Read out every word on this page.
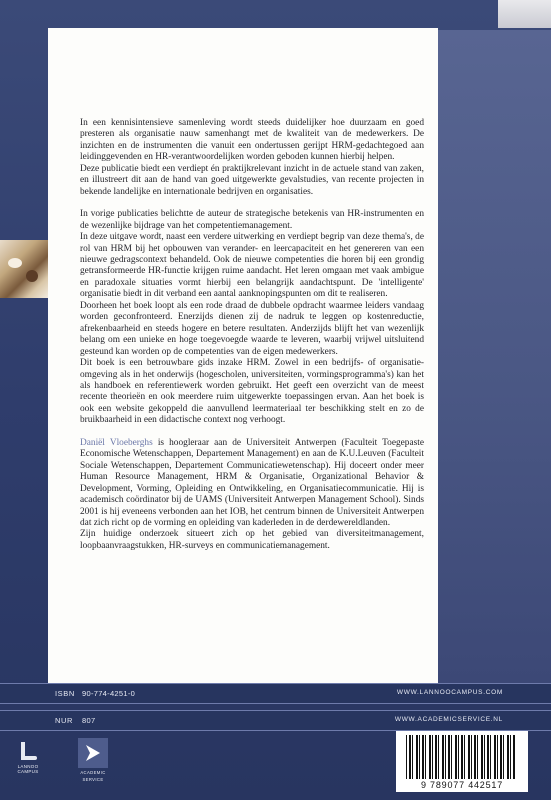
In een kennisintensieve samenleving wordt steeds duidelijker hoe duurzaam en goed presteren als organisatie nauw samenhangt met de kwaliteit van de medewerkers. De inzichten en de instrumenten die vanuit een ondertussen gerijpt HRM-gedachtegoed aan leidinggevenden en HR-verantwoordelijken worden geboden kunnen hierbij helpen.

Deze publicatie biedt een verdiept én praktijkrelevant inzicht in de actuele stand van zaken, en illustreert dit aan de hand van goed uitgewerkte gevalstudies, van recente projecten in bekende landelijke en internationale bedrijven en organisaties.

In vorige publicaties belichtte de auteur de strategische betekenis van HR-instrumenten en de wezenlijke bijdrage van het competentiemanagement.

In deze uitgave wordt, naast een verdere uitwerking en verdiept begrip van deze thema's, de rol van HRM bij het opbouwen van verander- en leercapaciteit en het genereren van een nieuwe gedragscontext behandeld. Ook de nieuwe competenties die horen bij een grondig getransformeerde HR-functie krijgen ruime aandacht. Het leren omgaan met vaak ambigue en paradoxale situaties vormt hierbij een belangrijk aandachtspunt. De 'intelligente' organisatie biedt in dit verband een aantal aanknopingspunten om dit te realiseren.

Doorheen het boek loopt als een rode draad de dubbele opdracht waarmee leiders vandaag worden geconfronteerd. Enerzijds dienen zij de nadruk te leggen op kostenreductie, afrekenbaarheid en steeds hogere en betere resultaten. Anderzijds blijft het van wezenlijk belang om een unieke en hoge toegevoegde waarde te leveren, waarbij vrijwel uitsluitend gesteund kan worden op de competenties van de eigen medewerkers.

Dit boek is een betrouwbare gids inzake HRM. Zowel in een bedrijfs- of organisatie-omgeving als in het onderwijs (hogescholen, universiteiten, vormingsprogramma's) kan het als handboek en referentiewerk worden gebruikt. Het geeft een overzicht van de meest recente theorieën en ook meerdere ruim uitgewerkte toepassingen ervan. Aan het boek is ook een website gekoppeld die aanvullend leermateriaal ter beschikking stelt en zo de bruikbaarheid in een didactische context nog verhoogt.

Daniël Vloeberghs is hoogleraar aan de Universiteit Antwerpen (Faculteit Toegepaste Economische Wetenschappen, Departement Management) en aan de K.U.Leuven (Faculteit Sociale Wetenschappen, Departement Communicatiewetenschap). Hij doceert onder meer Human Resource Management, HRM & Organisatie, Organizational Behavior & Development, Vorming, Opleiding en Ontwikkeling, en Organisatiecommunicatie. Hij is academisch coördinator bij de UAMS (Universiteit Antwerpen Management School). Sinds 2001 is hij eveneens verbonden aan het IOB, het centrum binnen de Universiteit Antwerpen dat zich richt op de vorming en opleiding van kaderleden in de derdewereldlanden.

Zijn huidige onderzoek situeert zich op het gebied van diversiteitmanagement, loopbaanvraagstukken, HR-surveys en communicatiemanagement.

ISBN 90-774-4251-0	WWW.LANNOOCAMPUS.COM
NUR 807	WWW.ACADEMICSERVICE.NL
LANNOO
CAMPUS	ACADEMIC
SERVICE
9 789077 442517
